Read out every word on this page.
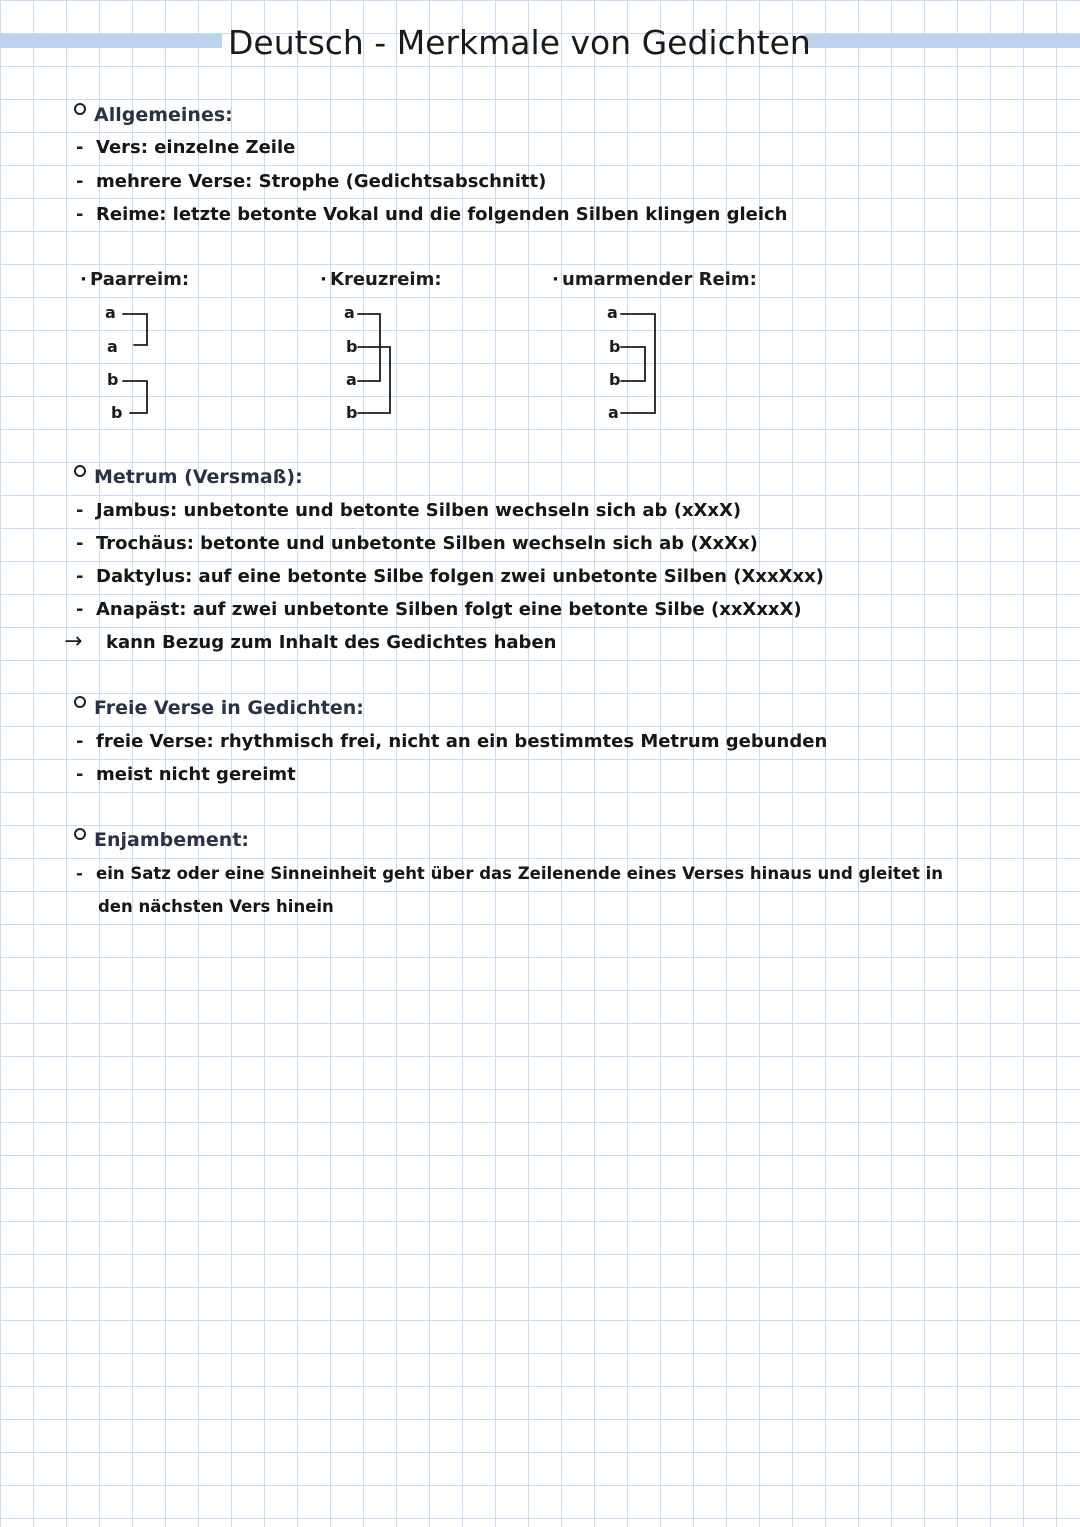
Deutsch - Merkmale von Gedichten
Allgemeines:
- Vers: einzelne Zeile
- mehrere Verse: Strophe (Gedichtsabschnitt)
- Reime: letzte betonte Vokal und die folgenden Silben klingen gleich
· Paarreim:
a
a
b
b
· Kreuzreim:
a
b
a
b
· umarmender Reim:
a
b
b
a
Metrum (Versmaß):
- Jambus: unbetonte und betonte Silben wechseln sich ab (xXxX)
- Trochäus: betonte und unbetonte Silben wechseln sich ab (XxXx)
- Daktylus: auf eine betonte Silbe folgen zwei unbetonte Silben (XxxXxx)
- Anapäst: auf zwei unbetonte Silben folgt eine betonte Silbe (xxXxxX)
→ kann Bezug zum Inhalt des Gedichtes haben
Freie Verse in Gedichten:
- freie Verse: rhythmisch frei, nicht an ein bestimmtes Metrum gebunden
- meist nicht gereimt
Enjambement:
- ein Satz oder eine Sinneinheit geht über das Zeilenende eines Verses hinaus und gleitet in
den nächsten Vers hinein
